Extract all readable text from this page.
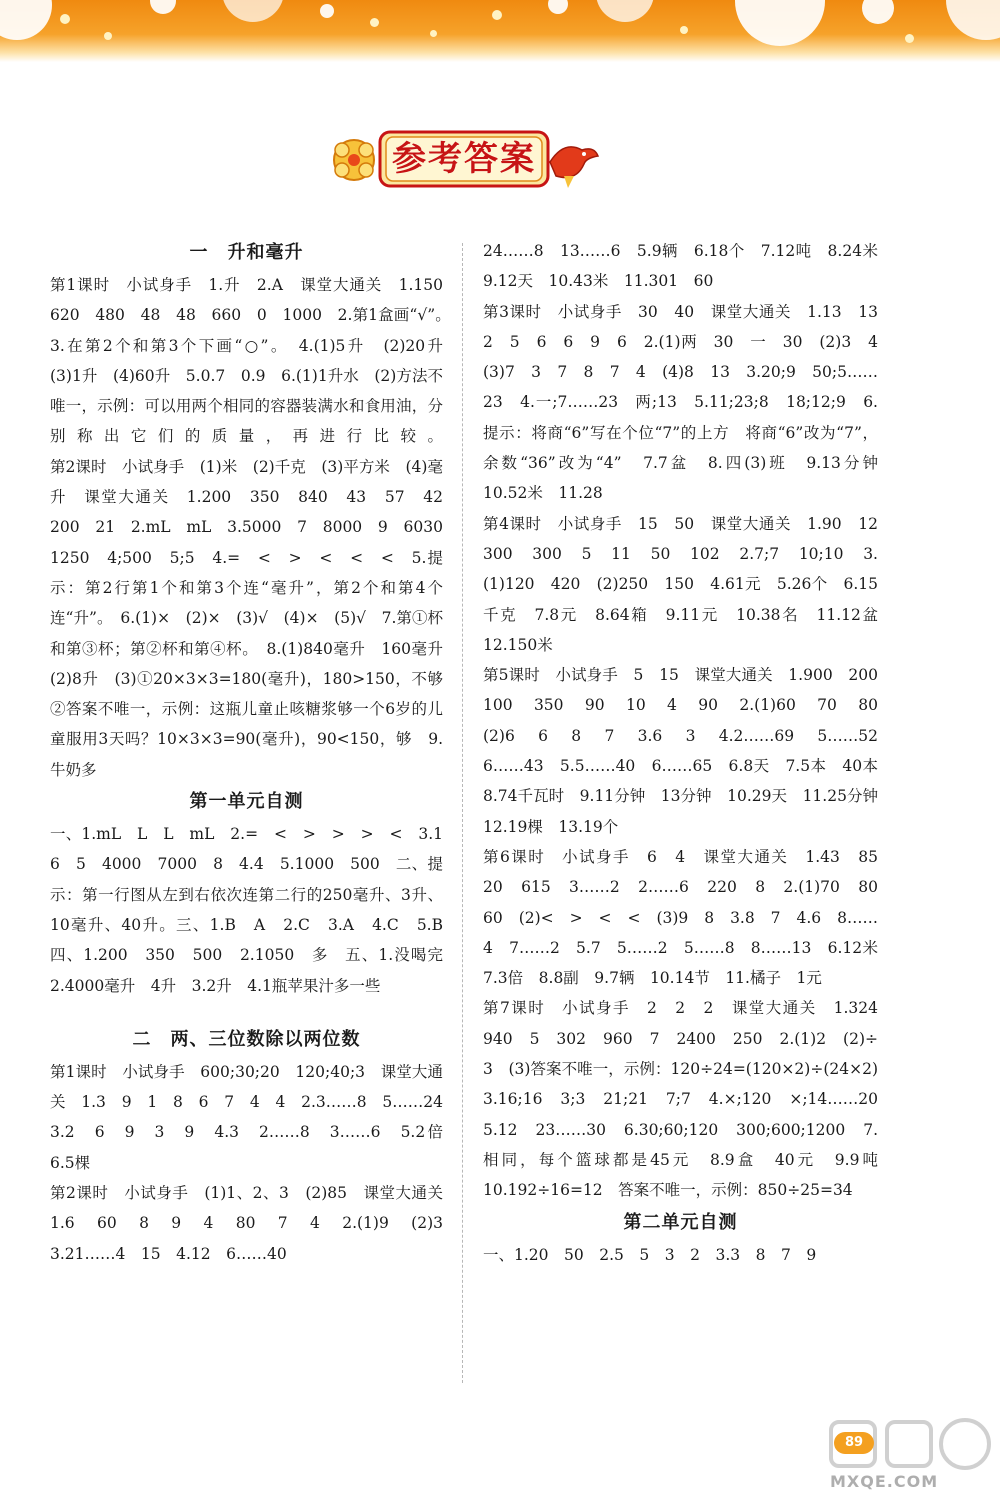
参考答案
一　升和毫升

第1课时　小试身手　1.升　2.A　课堂大通关　1.150　620　480　48　48　660　0　1000　2.第1盒画“√”。　3.在第2个和第3个下画“○”。　4.(1)5升　(2)20升　(3)1升　(4)60升　5.0.7　0.9　6.(1)1升水　(2)方法不唯一，示例：可以用两个相同的容器装满水和食用油，分别称出它们的质量，再进行比较。

第2课时　小试身手　(1)米　(2)千克　(3)平方米　(4)毫升　课堂大通关　1.200　350　840　43　57　42　200　21　2.mL　mL　3.5000　7　8000　9　6030　1250　4;500　5;5　4.=　<　>　<　<　<　5.提示：第2行第1个和第3个连“毫升”，第2个和第4个连“升”。　6.(1)×　(2)×　(3)√　(4)×　(5)√　7.第①杯和第③杯；第②杯和第④杯。　8.(1)840毫升　160毫升　(2)8升　(3)①20×3×3=180(毫升)，180>150，不够　②答案不唯一，示例：这瓶儿童止咳糖浆够一个6岁的儿童服用3天吗？10×3×3=90(毫升)，90<150，够　9.牛奶多

第一单元自测

一、1.mL　L　L　mL　2.=　<　>　>　>　<　3.1　6　5　4000　7000　8　4.4　5.1000　500　二、提示：第一行图从左到右依次连第二行的250毫升、3升、10毫升、40升。三、1.B　A　2.C　3.A　4.C　5.B　四、1.200　350　500　2.1050　多　五、1.没喝完　2.4000毫升　4升　3.2升　4.1瓶苹果汁多一些

二　两、三位数除以两位数

第1课时　小试身手　600;30;20　120;40;3　课堂大通关　1.3　9　1　8　6　7　4　4　2.3……8　5……24　3.2　6　9　3　9　4.3　2……8　3……6　5.2倍　6.5棵

第2课时　小试身手　(1)1、2、3　(2)85　课堂大通关　1.6　60　8　9　4　80　7　4　2.(1)9　(2)3　3.21……4　15　4.12　6……40

24……8　13……6　5.9辆　6.18个　7.12吨　8.24米　9.12天　10.43米　11.301　60

第3课时　小试身手　30　40　课堂大通关　1.13　13　2　5　6　6　9　6　2.(1)两　30　一　30　(2)3　4　(3)7　3　7　8　7　4　(4)8　13　3.20;9　50;5……23　4.一;7……23　两;13　5.11;23;8　18;12;9　6.提示：将商“6”写在个位“7”的上方　将商“6”改为“7”，余数“36”改为“4”　7.7盆　8.四(3)班　9.13分钟　10.52米　11.28

第4课时　小试身手　15　50　课堂大通关　1.90　12　300　300　5　11　50　102　2.7;7　10;10　3.(1)120　420　(2)250　150　4.61元　5.26个　6.15千克　7.8元　8.64箱　9.11元　10.38名　11.12盆　12.150米

第5课时　小试身手　5　15　课堂大通关　1.900　200　100　350　90　10　4　90　2.(1)60　70　80　(2)6　6　8　7　3.6　3　4.2……69　5……52　6……43　5.5……40　6……65　6.8天　7.5本　40本　8.74千瓦时　9.11分钟　13分钟　10.29天　11.25分钟　12.19棵　13.19个

第6课时　小试身手　6　4　课堂大通关　1.43　85　20　615　3……2　2……6　220　8　2.(1)70　80　60　(2)<　>　<　<　(3)9　8　3.8　7　4.6　8……4　7……2　5.7　5……2　5……8　8……13　6.12米　7.3倍　8.8副　9.7辆　10.14节　11.橘子　1元

第7课时　小试身手　2　2　2　课堂大通关　1.324　940　5　302　960　7　2400　250　2.(1)2　(2)÷　3　(3)答案不唯一，示例：120÷24=(120×2)÷(24×2)　3.16;16　3;3　21;21　7;7　4.×;120　×;14……20　5.12　23……30　6.30;60;120　300;600;1200　7.相同，每个篮球都是45元　8.9盒　40元　9.9吨　10.192÷16=12　答案不唯一，示例：850÷25=34

第二单元自测

一、1.20　50　2.5　5　3　2　3.3　8　7　9

89
MXQE.COM
